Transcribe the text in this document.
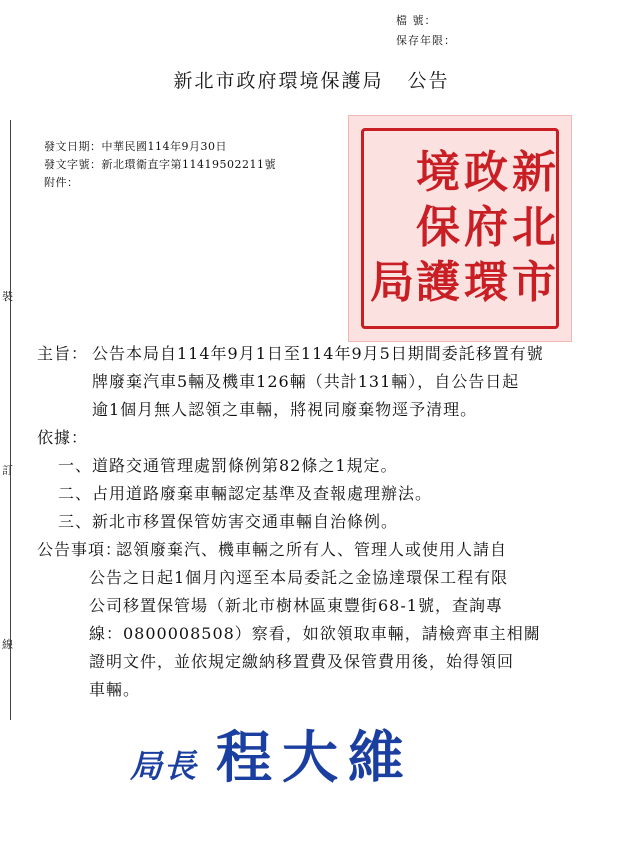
檔 號：
保存年限：
新北市政府環境保護局 公告
裝
訂
線
發文日期：中華民國114年9月30日
發文字號：新北環衛直字第11419502211號
附件：	新
北
市
政
府
環
境
保
護
局
主旨： 公告本局自114年9月1日至114年9月5日期間委託移置有號
牌廢棄汽車5輛及機車126輛（共計131輛），自公告日起
逾1個月無人認領之車輛，將視同廢棄物逕予清理。
依據：
一、道路交通管理處罰條例第82條之1規定。
二、占用道路廢棄車輛認定基準及查報處理辦法。
三、新北市移置保管妨害交通車輛自治條例。
公告事項：
認領廢棄汽、機車輛之所有人、管理人或使用人請自
公告之日起1個月內逕至本局委託之金協達環保工程有限
公司移置保管場（新北市樹林區東豐街68-1號，查詢專
線：0800008508）察看，如欲領取車輛，請檢齊車主相關
證明文件，並依規定繳納移置費及保管費用後，始得領回
車輛。
局長 程大維
